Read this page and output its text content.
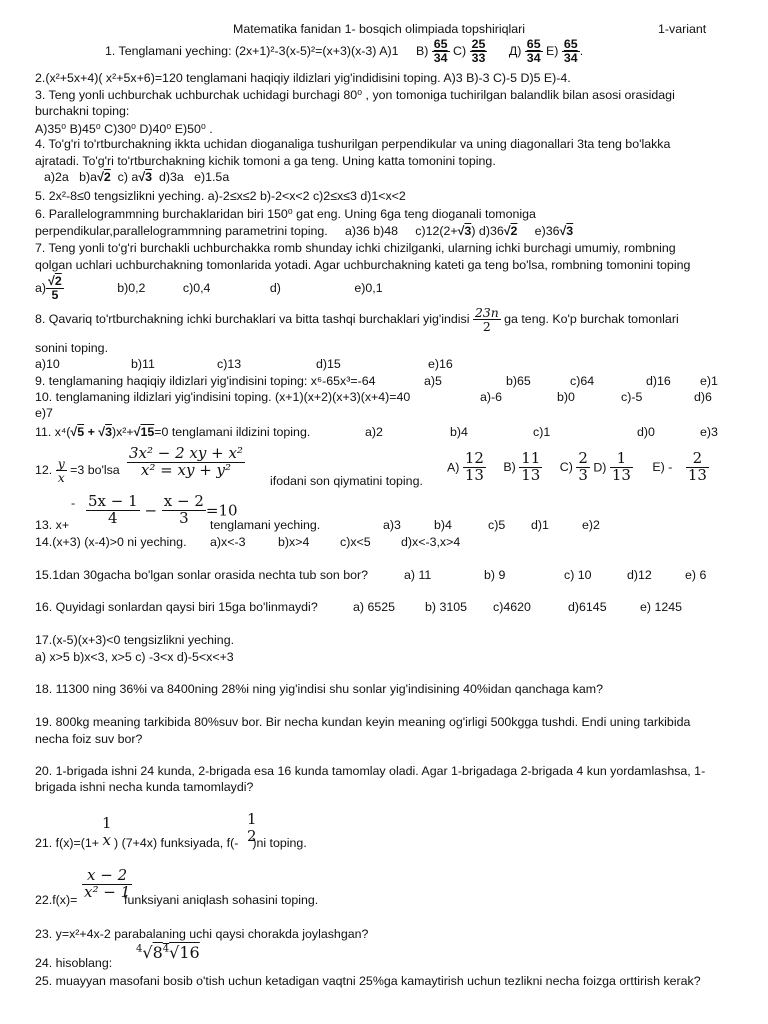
Matematika fanidan 1- bosqich olimpiada topshiriqlari	1-variant
1. Tenglamani yeching: (2x+1)²-3(x-5)²=(x+3)(x-3) A)1 $B) \frac{65}{34} C) \frac{25}{33} Д) \frac{65}{34} E) \frac{65}{34}$ .
2.(x²+5x+4)( x²+5x+6)=120 tenglamani haqiqiy ildizlari yig'indidisini toping. A)3 B)-3 C)-5 D)5 E)-4.
3. Teng yonli uchburchak uchburchak uchidagi burchagi 80⁰ , yon tomoniga tuchirilgan balandlik bilan asosi orasidagi
burchakni toping:
A)35⁰ B)45⁰ C)30⁰ D)40⁰ E)50⁰ .
4. To'g'ri to'rtburchakning ikkta uchidan dioganaliga tushurilgan perpendikular va uning diagonallari 3ta teng bo'lakka
ajratadi. To'g'ri to'rtburchakning kichik tomoni a ga teng. Uning katta tomonini toping.
a)2a b)a√2 c) a√3 d)3a e)1.5a
5. 2x²-8≤0 tengsizlikni yeching. a)-2≤x≤2 b)-2<x<2 c)2≤x≤3 d)1<x<2
6. Parallelogrammning burchaklaridan biri 150⁰ gat eng. Uning 6ga teng dioganali tomoniga
perpendikular,parallelogrammning parametrini toping. a)36 b)48 c)12(2+√3) d)36√2 e)36√3
7. Teng yonli to'g'ri burchakli uchburchakka romb shunday ichki chizilganki, ularning ichki burchagi umumiy, rombning
qolgan uchlari uchburchakning tomonlarida yotadi. Agar uchburchakning kateti ga teng bo'lsa, rombning tomonini toping
$a) \frac{√2}{5}$	b)0,2	c)0,4	d)	e)0,1
8. Qavariq to'rtburchakning ichki burchaklari va bitta tashqi burchaklari yig'indisi $\frac{23n}{2}$ ga teng. Ko'p burchak tomonlari
sonini toping.
a)10	b)11	c)13	d)15	e)16
9. tenglamaning haqiqiy ildizlari yig'indisini toping: x⁶-65x³=-64	a)5	b)65	c)64	d)16 e)1
10. tenglamaning ildizlari yig'indisini toping. (x+1)(x+2)(x+3)(x+4)=40	a)-6	b)0	c)-5	d)6
e)7
11. x⁴(√5 + √3)x²+√15=0 tenglamani ildizini toping.	a)2	b)4	c)1	d)0	e)3
12. $\frac{y}{x} =3$ $bo'lsa \frac{\text{3x² − 2 xy + x²}}{\text{x² = xy + y²}}$
ifodani son qiymatini toping.
$A) \frac{12}{13} B) \frac{11}{13} C) \frac{2}{3} D) \frac{1}{13} E) - \frac{2}{13}$
- $\frac{5x - 1}{4} - \frac{x - 2}{3} =10$
13. x+	tenglamani yeching.	a)3	b)4	c)5 d)1	e)2
14.(x+3) (x-4)>0 ni yeching. a)x<-3	b)x>4 c)x<5 d)x<-3,x>4
15.1dan 30gacha bo'lgan sonlar orasida nechta tub son bor?	a) 11	b) 9	c) 10	d)12	e) 6
16. Quyidagi sonlardan qaysi biri 15ga bo'linmaydi?	a) 6525 b) 3105 c)4620	d)6145	e) 1245
17.(x-5)(x+3)<0 tengsizlikni yeching.
a) x>5 b)x<3, x>5 c) -3<x d)-5<x<+3
18. 11300 ning 36%i va 8400ning 28%i ning yig'indisi shu sonlar yig'indisining 40%idan qanchaga kam?
19. 800kg meaning tarkibida 80%suv bor. Bir necha kundan keyin meaning og'irligi 500kgga tushdi. Endi uning tarkibida
necha foiz suv bor?
20. 1-brigada ishni 24 kunda, 2-brigada esa 16 kunda tamomlay oladi. Agar 1-brigadaga 2-brigada 4 kun yordamlashsa, 1-
brigada ishni necha kunda tamomlaydi?
21. f(x)=(1+ ) (7+4x) funksiyada, f(- )ni toping.
1
x
1
2
$22.f(x)= \frac{x - 2}{\text{x² − 1}}$
funksiyani aniqlash sohasini toping.
23. y=x²+4x-2 parabalaning uchi qaysi chorakda joylashgan?
24. hisoblang:
$^4√8^4√16$
25. muayyan masofani bosib o'tish uchun ketadigan vaqtni 25%ga kamaytirish uchun tezlikni necha foizga orttirish kerak?
